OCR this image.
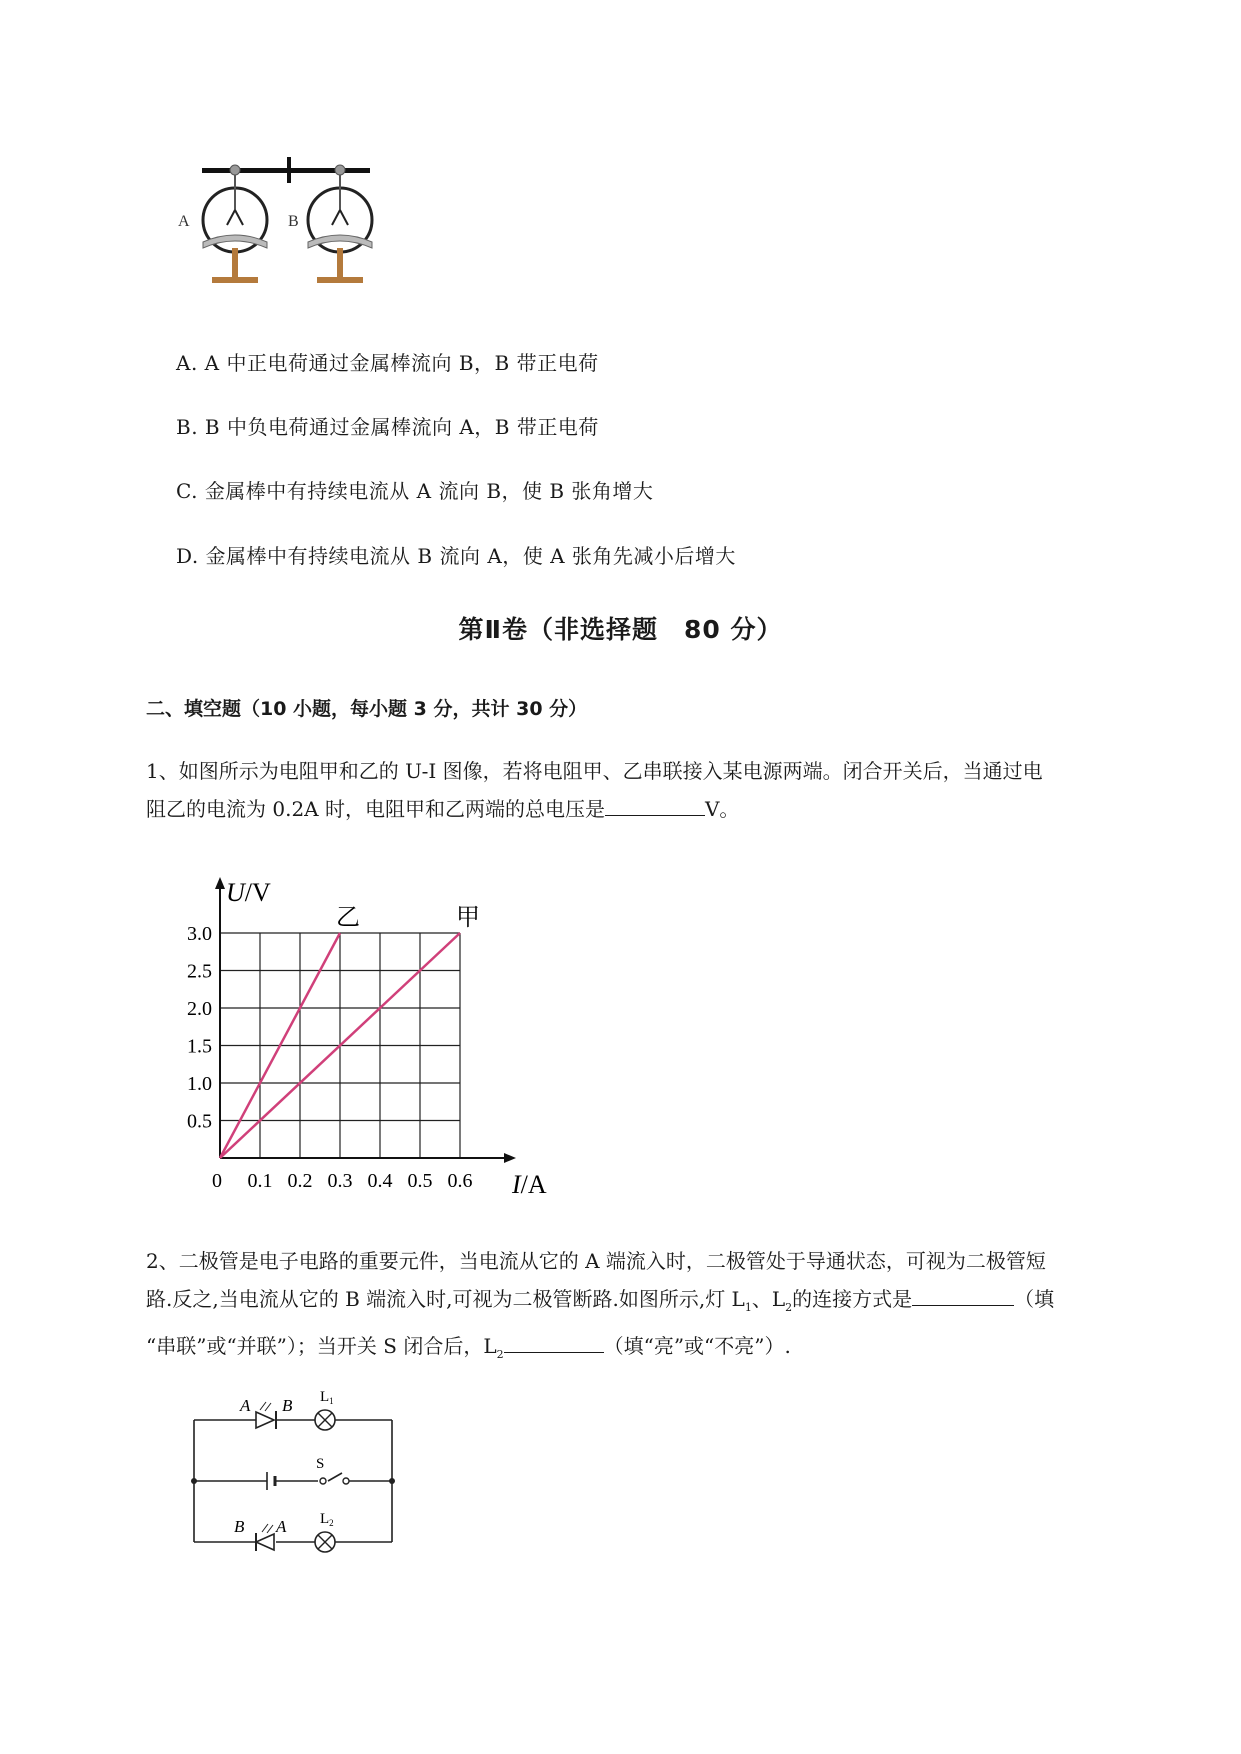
A	B
A. A 中正电荷通过金属棒流向 B，B 带正电荷
B. B 中负电荷通过金属棒流向 A，B 带正电荷
C. 金属棒中有持续电流从 A 流向 B，使 B 张角增大
D. 金属棒中有持续电流从 B 流向 A，使 A 张角先减小后增大
第Ⅱ卷（非选择题　80 分）
二、填空题（10 小题，每小题 3 分，共计 30 分）
1、如图所示为电阻甲和乙的 U-I 图像，若将电阻甲、乙串联接入某电源两端。闭合开关后，当通过电
阻乙的电流为 0.2A 时，电阻甲和乙两端的总电压是	V。
乙	甲
0.1 0.2 0.3 0.4 0.5 0.6
0.5
1.0
1.5
2.0
2.5
3.0
U/V
I/A
0
2、二极管是电子电路的重要元件，当电流从它的 A 端流入时，二极管处于导通状态，可视为二极管短
路.反之,当电流从它的 B 端流入时,可视为二极管断路.如图所示,灯 $L_1$、$L_2$的连接方式是	（填
“串联”或“并联”）；当开关 S 闭合后，$L_2$	（填“亮”或“不亮”）.
A B $L_1$
S
B A $L_2$
